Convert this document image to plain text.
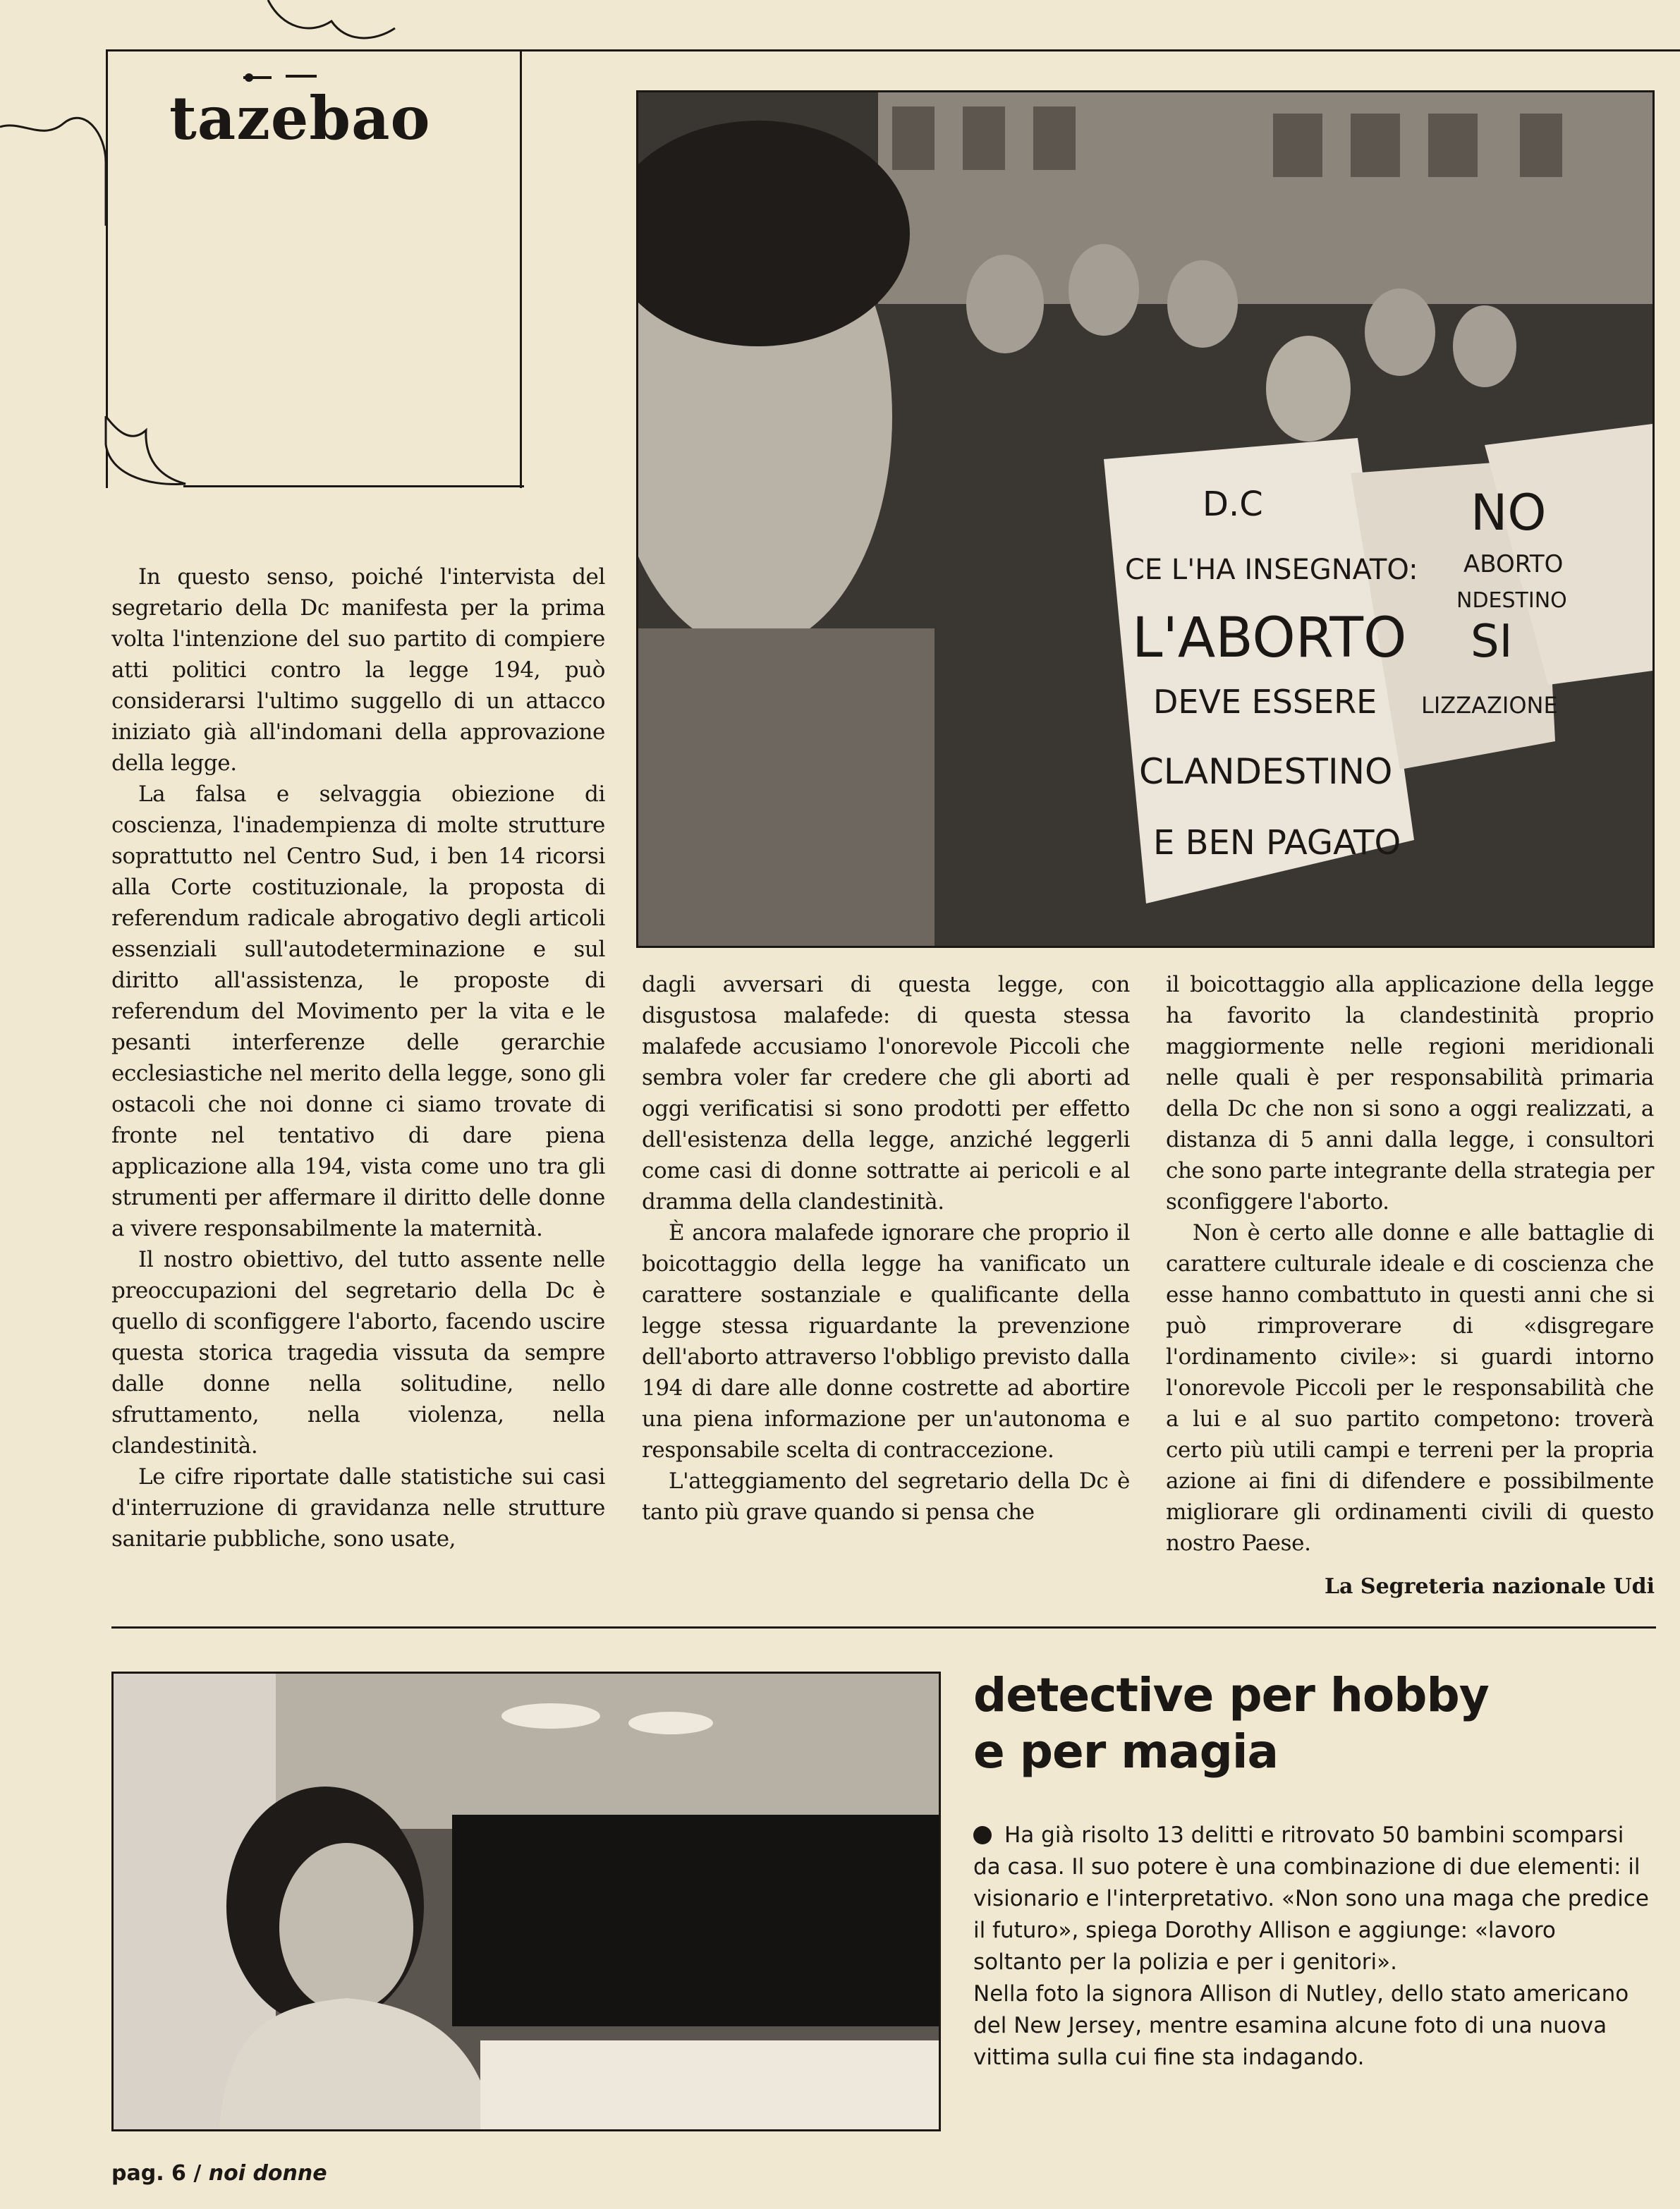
tazebao
D.C
CE L'HA INSEGNATO:
L'ABORTO
DEVE ESSERE
CLANDESTINO
E BEN PAGATO
NO
ABORTO
NDESTINO
SI
LIZZAZIONE

In questo senso, poiché l'intervista del segretario della Dc manifesta per la prima volta l'intenzione del suo partito di compiere atti politici contro la legge 194, può considerarsi l'ultimo suggello di un attacco iniziato già all'indomani della approvazione della legge.

La falsa e selvaggia obiezione di coscienza, l'inadempienza di molte strutture soprattutto nel Centro Sud, i ben 14 ricorsi alla Corte costituzionale, la proposta di referendum radicale abrogativo degli articoli essenziali sull'autodeterminazione e sul diritto all'assistenza, le proposte di referendum del Movimento per la vita e le pesanti interferenze delle gerarchie ecclesiastiche nel merito della legge, sono gli ostacoli che noi donne ci siamo trovate di fronte nel tentativo di dare piena applicazione alla 194, vista come uno tra gli strumenti per affermare il diritto delle donne a vivere responsabilmente la maternità.

Il nostro obiettivo, del tutto assente nelle preoccupazioni del segretario della Dc è quello di sconfiggere l'aborto, facendo uscire questa storica tragedia vissuta da sempre dalle donne nella solitudine, nello sfruttamento, nella violenza, nella clandestinità.

Le cifre riportate dalle statistiche sui casi d'interruzione di gravidanza nelle strutture sanitarie pubbliche, sono usate,

dagli avversari di questa legge, con disgustosa malafede: di questa stessa malafede accusiamo l'onorevole Piccoli che sembra voler far credere che gli aborti ad oggi verificatisi si sono prodotti per effetto dell'esistenza della legge, anziché leggerli come casi di donne sottratte ai pericoli e al dramma della clandestinità.

È ancora malafede ignorare che proprio il boicottaggio della legge ha vanificato un carattere sostanziale e qualificante della legge stessa riguardante la prevenzione dell'aborto attraverso l'obbligo previsto dalla 194 di dare alle donne costrette ad abortire una piena informazione per un'autonoma e responsabile scelta di contraccezione.

L'atteggiamento del segretario della Dc è tanto più grave quando si pensa che

il boicottaggio alla applicazione della legge ha favorito la clandestinità proprio maggiormente nelle regioni meridionali nelle quali è per responsabilità primaria della Dc che non si sono a oggi realizzati, a distanza di 5 anni dalla legge, i consultori che sono parte integrante della strategia per sconfiggere l'aborto.

Non è certo alle donne e alle battaglie di carattere culturale ideale e di coscienza che esse hanno combattuto in questi anni che si può rimproverare di «disgregare l'ordinamento civile»: si guardi intorno l'onorevole Piccoli per le responsabilità che a lui e al suo partito competono: troverà certo più utili campi e terreni per la propria azione ai fini di difendere e possibilmente migliorare gli ordinamenti civili di questo nostro Paese.

La Segreteria nazionale Udi
detective per hobby
e per magia

Ha già risolto 13 delitti e ritrovato 50 bambini scomparsi da casa. Il suo potere è una combinazione di due elementi: il visionario e l'interpretativo. «Non sono una maga che predice il futuro», spiega Dorothy Allison e aggiunge: «lavoro soltanto per la polizia e per i genitori».

Nella foto la signora Allison di Nutley, dello stato americano del New Jersey, mentre esamina alcune foto di una nuova vittima sulla cui fine sta indagando.

pag. 6 / noi donne
